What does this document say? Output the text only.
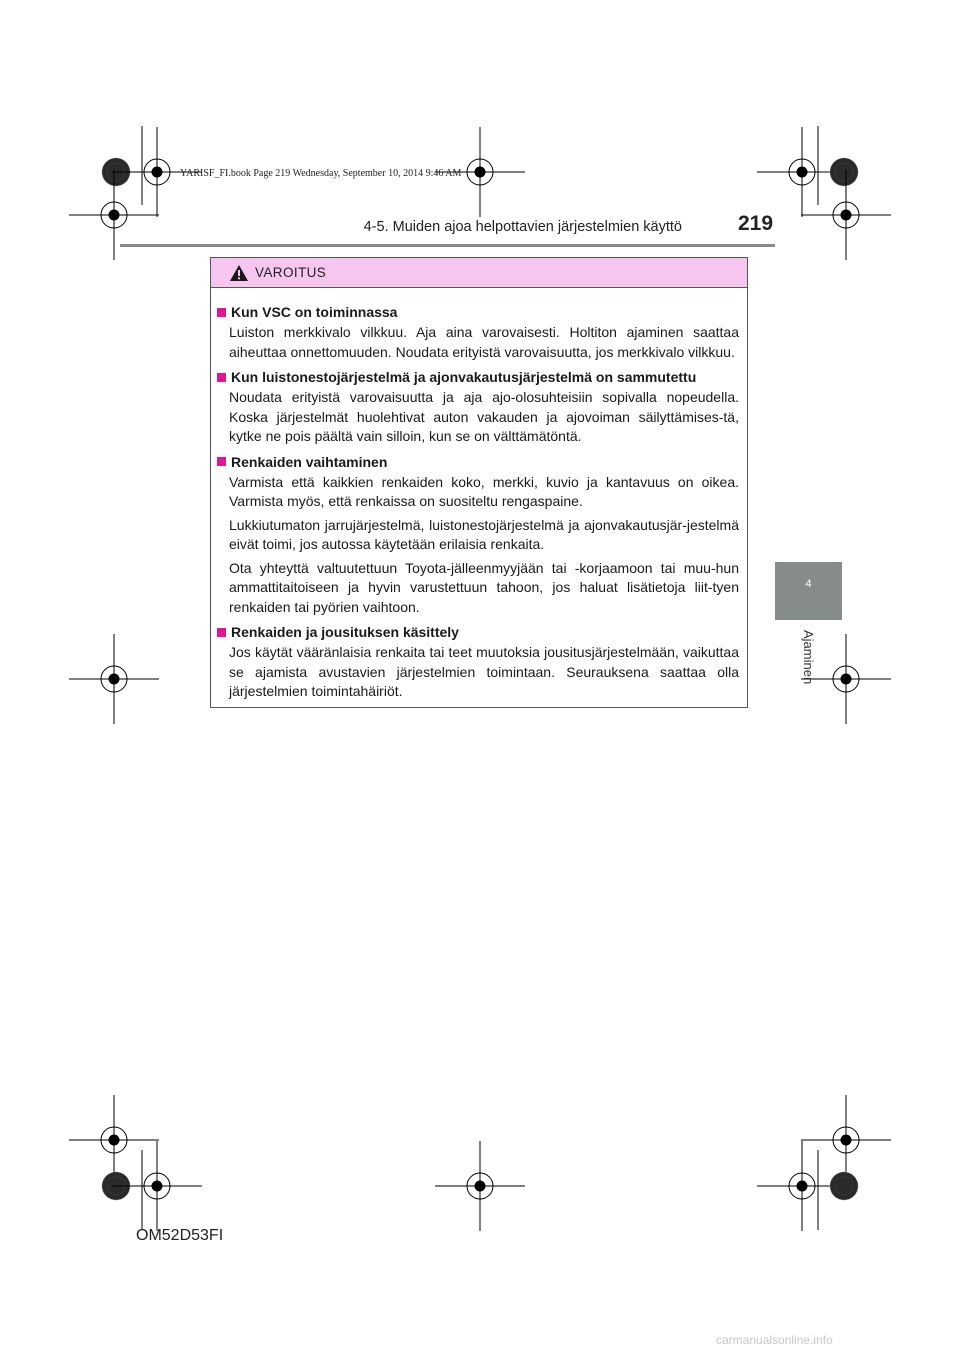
YARISF_FI.book Page 219 Wednesday, September 10, 2014 9:46 AM
4-5. Muiden ajoa helpottavien järjestelmien käyttö	219
4
Ajaminen
VAROITUS
Kun VSC on toiminnassa

Luiston merkkivalo vilkkuu. Aja aina varovaisesti. Holtiton ajaminen saattaa aiheuttaa onnettomuuden. Noudata erityistä varovaisuutta, jos merkkivalo vilkkuu.

Kun luistonestojärjestelmä ja ajonvakautusjärjestelmä on sammutettu

Noudata erityistä varovaisuutta ja aja ajo-olosuhteisiin sopivalla nopeudella. Koska järjestelmät huolehtivat auton vakauden ja ajovoiman säilyttämises-tä, kytke ne pois päältä vain silloin, kun se on välttämätöntä.

Renkaiden vaihtaminen

Varmista että kaikkien renkaiden koko, merkki, kuvio ja kantavuus on oikea. Varmista myös, että renkaissa on suositeltu rengaspaine.

Lukkiutumaton jarrujärjestelmä, luistonestojärjestelmä ja ajonvakautusjär-jestelmä eivät toimi, jos autossa käytetään erilaisia renkaita.

Ota yhteyttä valtuutettuun Toyota-jälleenmyyjään tai -korjaamoon tai muu-hun ammattitaitoiseen ja hyvin varustettuun tahoon, jos haluat lisätietoja liit-tyen renkaiden tai pyörien vaihtoon.

Renkaiden ja jousituksen käsittely

Jos käytät vääränlaisia renkaita tai teet muutoksia jousitusjärjestelmään, vaikuttaa se ajamista avustavien järjestelmien toimintaan. Seurauksena saattaa olla järjestelmien toimintahäiriöt.

OM52D53FI
carmanualsonline.info
